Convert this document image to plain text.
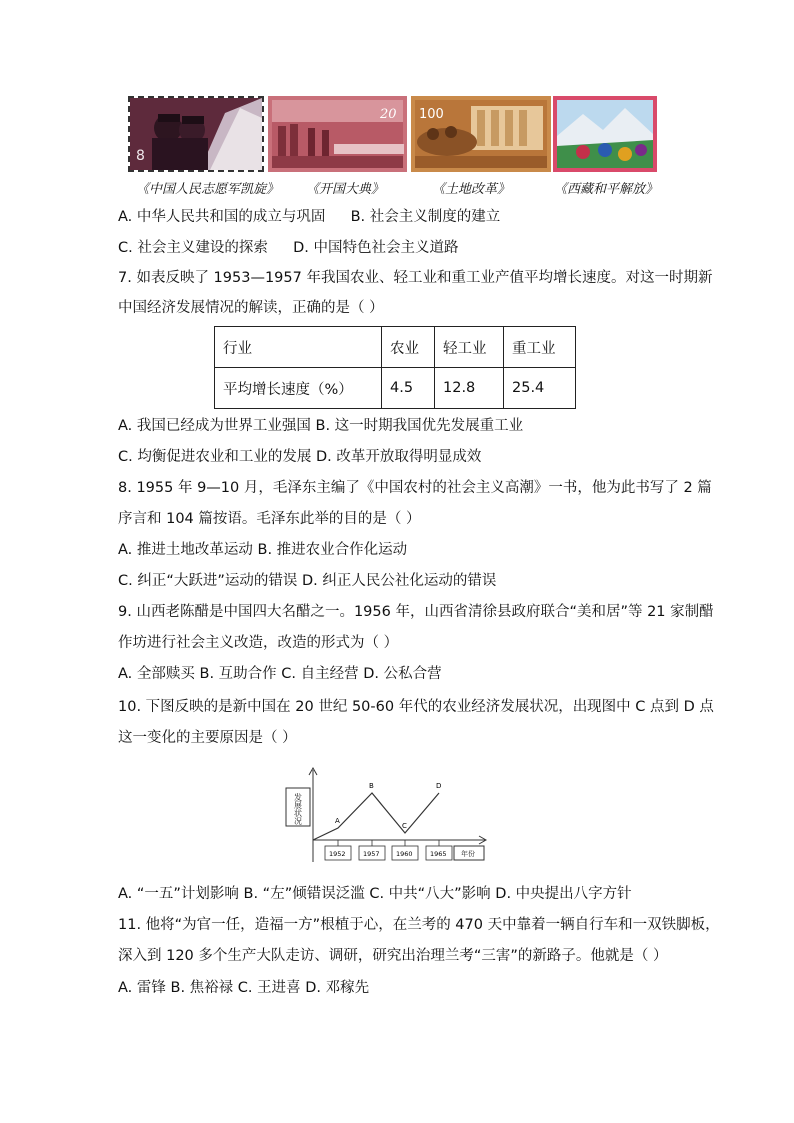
8
20 100
《中国人民志愿军凯旋》 《开国大典》	《土地改革》	《西藏和平解放》
A. 中华人民共和国的成立与巩固 B. 社会主义制度的建立
C. 社会主义建设的探索 D. 中国特色社会主义道路
7. 如表反映了 1953—1957 年我国农业、轻工业和重工业产值平均增长速度。对这一时期新
中国经济发展情况的解读，正确的是（ ）
行业	农业	轻工业	重工业
平均增长速度（%）	4.5	12.8	25.4
A. 我国已经成为世界工业强国 B. 这一时期我国优先发展重工业
C. 均衡促进农业和工业的发展 D. 改革开放取得明显成效
8. 1955 年 9—10 月，毛泽东主编了《中国农村的社会主义高潮》一书，他为此书写了 2 篇
序言和 104 篇按语。毛泽东此举的目的是（ ）
A. 推进土地改革运动 B. 推进农业合作化运动
C. 纠正“大跃进”运动的错误 D. 纠正人民公社化运动的错误
9. 山西老陈醋是中国四大名醋之一。1956 年，山西省清徐县政府联合“美和居”等 21 家制醋
作坊进行社会主义改造，改造的形式为（ ）
A. 全部赎买 B. 互助合作 C. 自主经营 D. 公私合营
10. 下图反映的是新中国在 20 世纪 50-60 年代的农业经济发展状况，出现图中 C 点到 D 点
这一变化的主要原因是（ ）
发展状况	A
1952
B
1957
C
1960
D
1965 年份
A. “一五”计划影响 B. “左”倾错误泛滥 C. 中共“八大”影响 D. 中央提出八字方针
11. 他将“为官一任，造福一方”根植于心，在兰考的 470 天中靠着一辆自行车和一双铁脚板，
深入到 120 多个生产大队走访、调研，研究出治理兰考“三害”的新路子。他就是（ ）
A. 雷锋 B. 焦裕禄 C. 王进喜 D. 邓稼先
